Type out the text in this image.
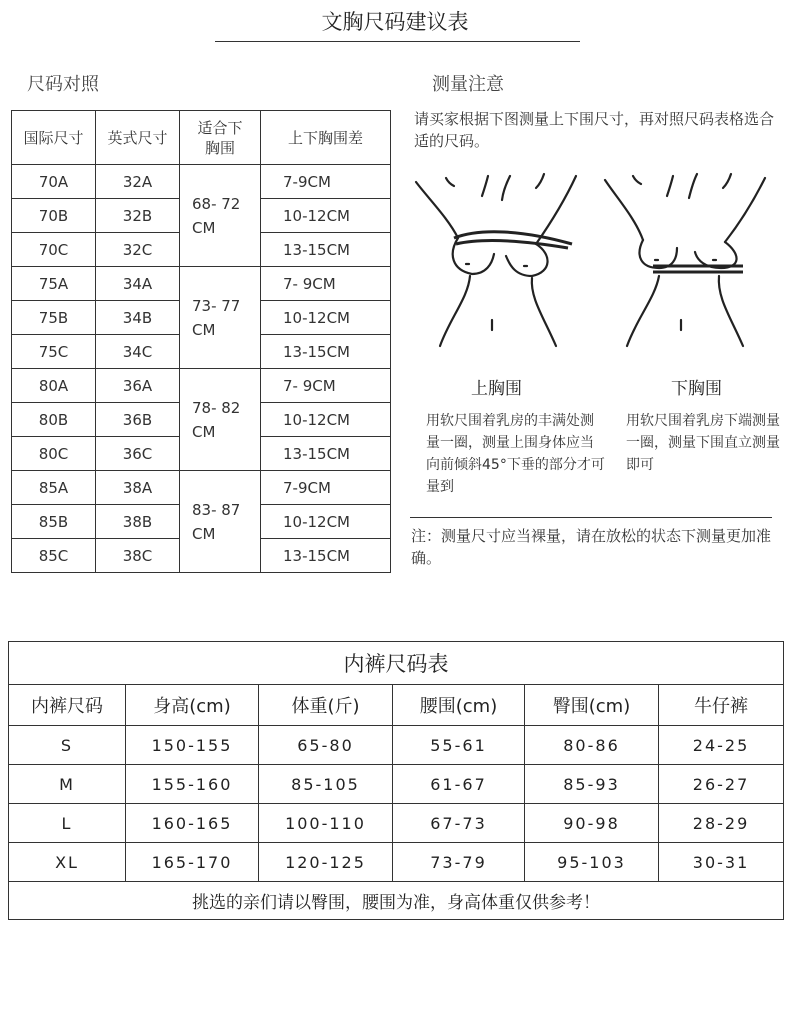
文胸尺码建议表
尺码对照	测量注意
国际尺寸	英式尺寸	适合下胸围	上下胸围差
70A	32A	68- 72 CM	7-9CM
70B	32B		10-12CM
70C	32C		13-15CM
75A	34A	73- 77 CM	7- 9CM
75B	34B		10-12CM
75C	34C		13-15CM
80A	36A	78- 82 CM	7- 9CM
80B	36B		10-12CM
80C	36C		13-15CM
85A	38A	83- 87 CM	7-9CM
85B	38B		10-12CM
85C	38C		13-15CM
请买家根据下图测量上下围尺寸，再对照尺码表格选合适的尺码。
上胸围	下胸围
用软尺围着乳房的丰满处测量一圈，测量上围身体应当向前倾斜45°下垂的部分才可量到
用软尺围着乳房下端测量一圈，测量下围直立测量即可
注：测量尺寸应当裸量，请在放松的状态下测量更加准确。
内裤尺码表					
内裤尺码	身高(cm)	体重(斤)	腰围(cm)	臀围(cm)	牛仔裤
S	150-155	65-80	55-61	80-86	24-25
M	155-160	85-105	61-67	85-93	26-27
L	160-165	100-110	67-73	90-98	28-29
XL	165-170	120-125	73-79	95-103	30-31
挑选的亲们请以臀围，腰围为准，身高体重仅供参考！					
